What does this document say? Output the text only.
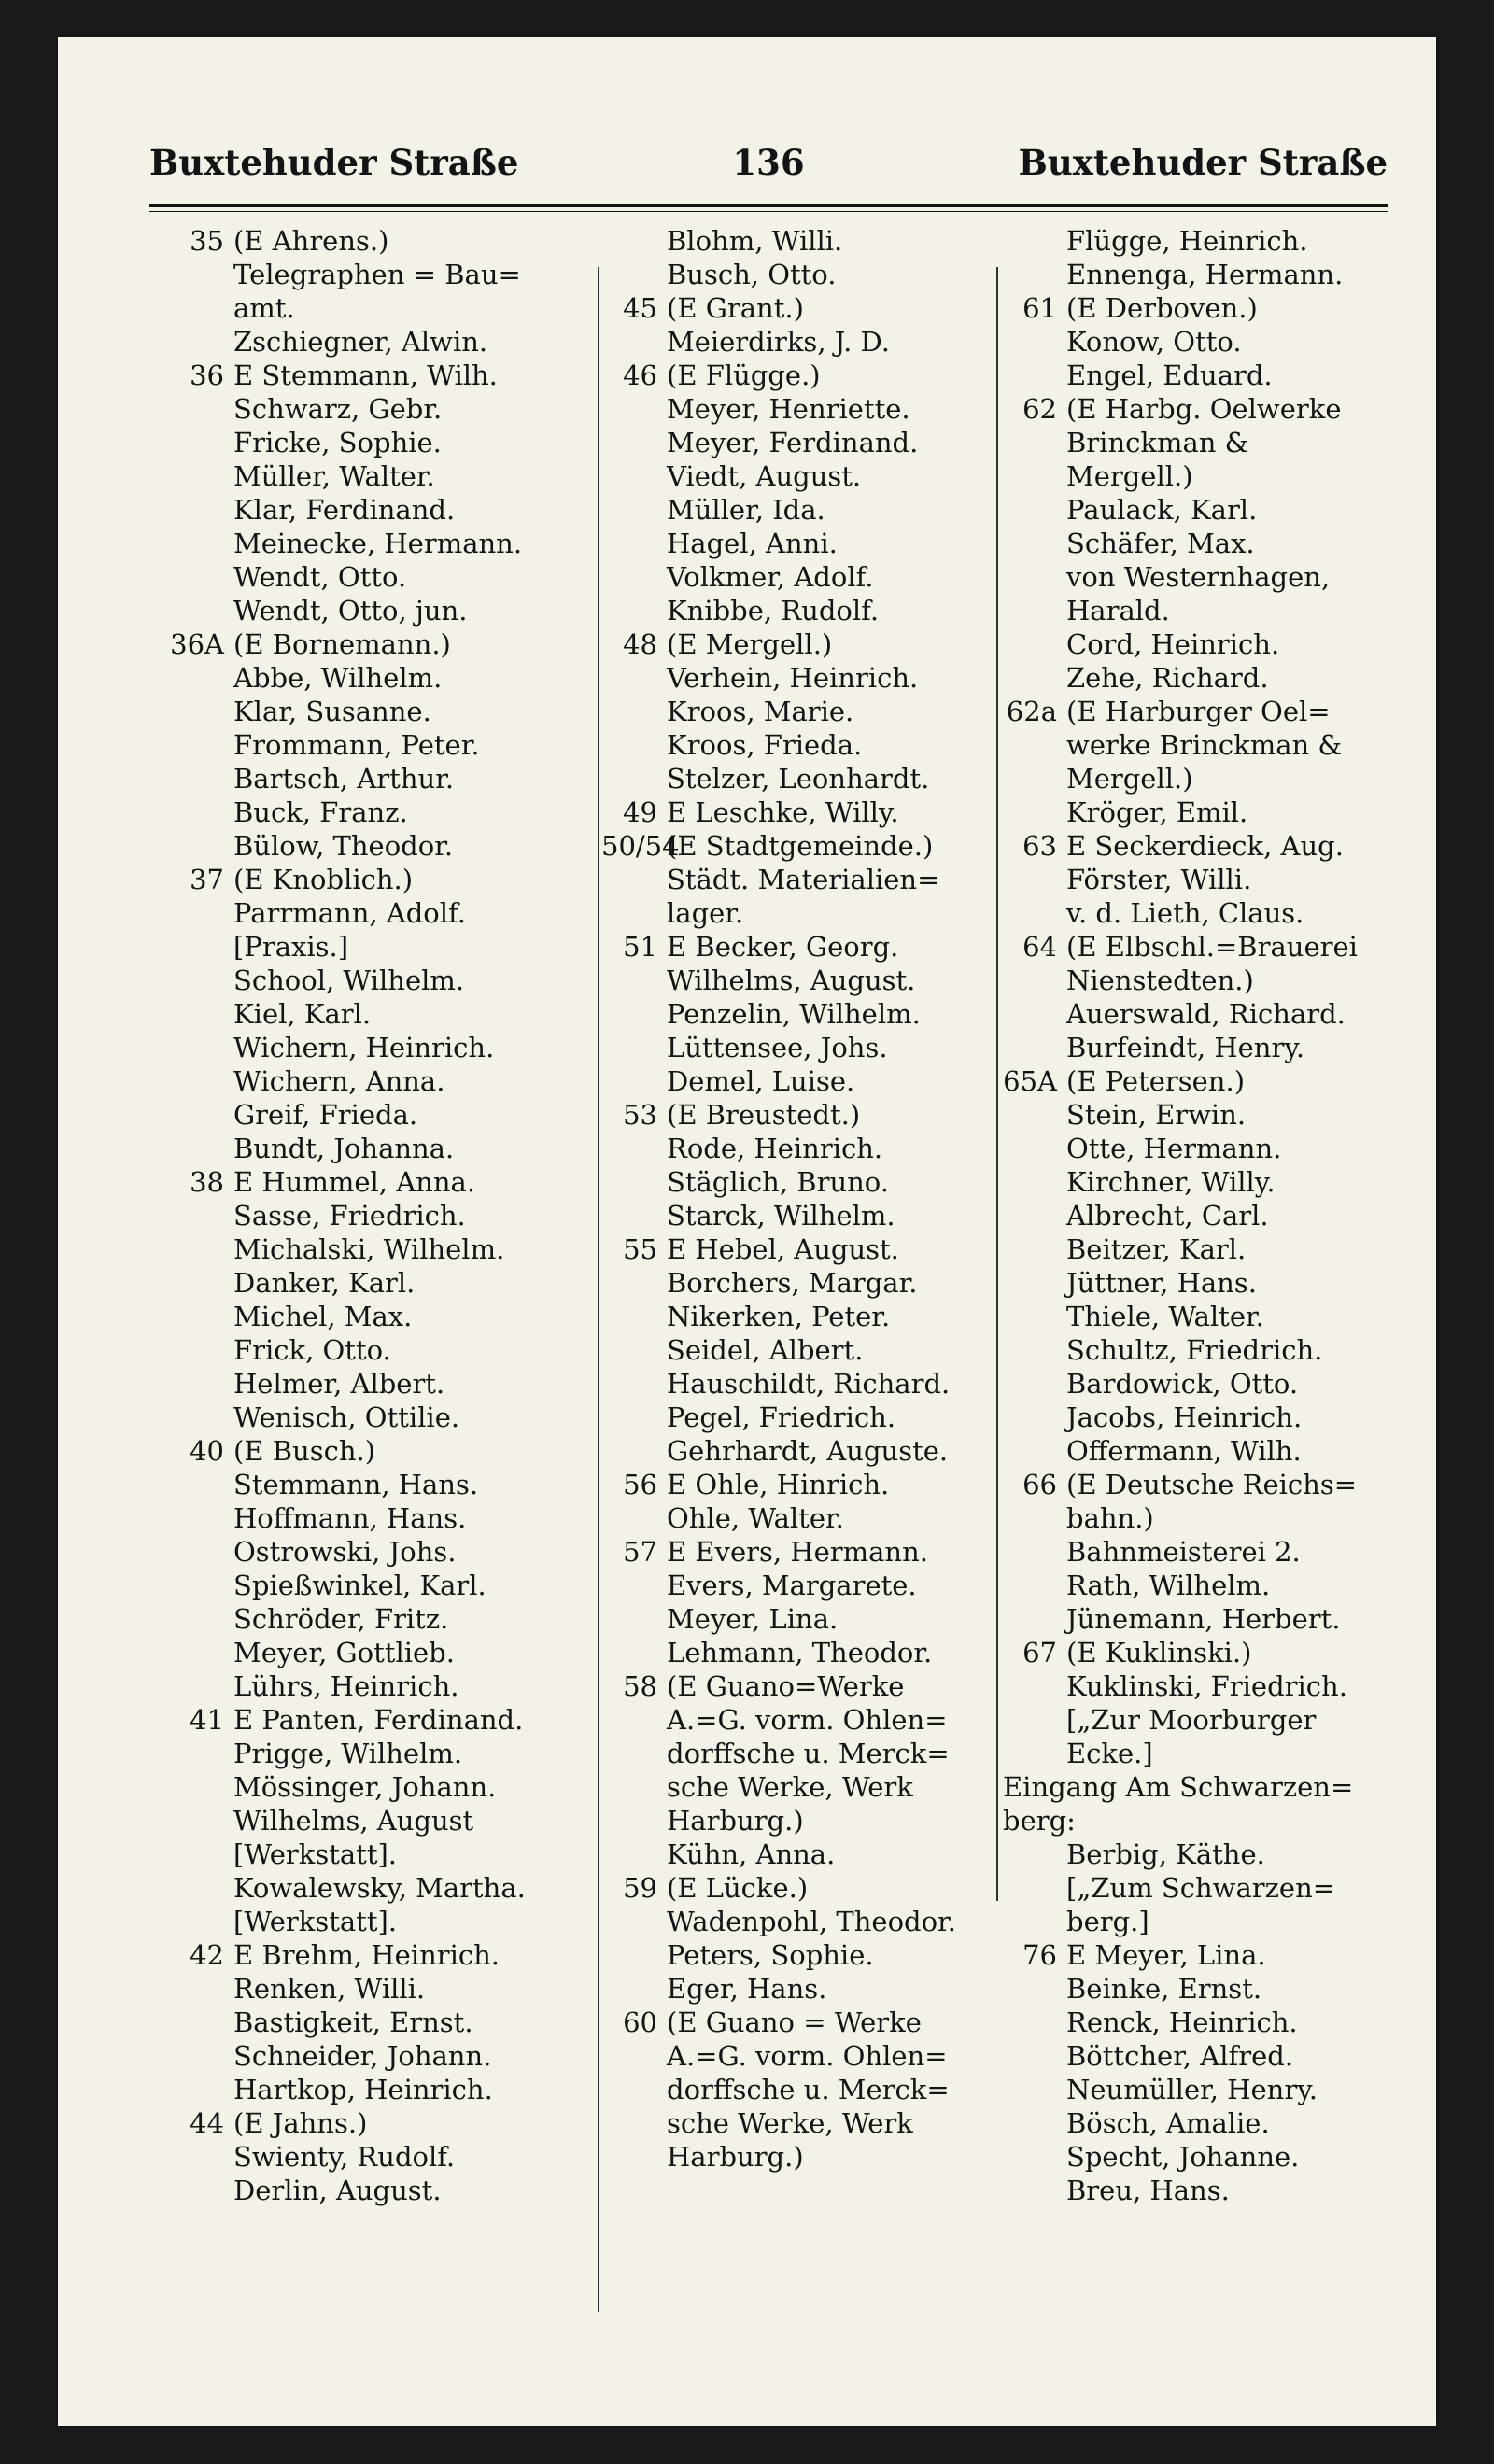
Buxtehuder Straße	136	Buxtehuder Straße
35 (E Ahrens.)
Telegraphen = Bau=
amt.
Zschiegner, Alwin.
36 E Stemmann, Wilh.
Schwarz, Gebr.
Fricke, Sophie.
Müller, Walter.
Klar, Ferdinand.
Meinecke, Hermann.
Wendt, Otto.
Wendt, Otto, jun.
36A (E Bornemann.)
Abbe, Wilhelm.
Klar, Susanne.
Frommann, Peter.
Bartsch, Arthur.
Buck, Franz.
Bülow, Theodor.
37 (E Knoblich.)
Parrmann, Adolf.
[Praxis.]
School, Wilhelm.
Kiel, Karl.
Wichern, Heinrich.
Wichern, Anna.
Greif, Frieda.
Bundt, Johanna.
38 E Hummel, Anna.
Sasse, Friedrich.
Michalski, Wilhelm.
Danker, Karl.
Michel, Max.
Frick, Otto.
Helmer, Albert.
Wenisch, Ottilie.
40 (E Busch.)
Stemmann, Hans.
Hoffmann, Hans.
Ostrowski, Johs.
Spießwinkel, Karl.
Schröder, Fritz.
Meyer, Gottlieb.
Lührs, Heinrich.
41 E Panten, Ferdinand.
Prigge, Wilhelm.
Mössinger, Johann.
Wilhelms, August
[Werkstatt].
Kowalewsky, Martha.
[Werkstatt].
42 E Brehm, Heinrich.
Renken, Willi.
Bastigkeit, Ernst.
Schneider, Johann.
Hartkop, Heinrich.
44 (E Jahns.)
Swienty, Rudolf.
Derlin, August.
Blohm, Willi.
Busch, Otto.
45 (E Grant.)
Meierdirks, J. D.
46 (E Flügge.)
Meyer, Henriette.
Meyer, Ferdinand.
Viedt, August.
Müller, Ida.
Hagel, Anni.
Volkmer, Adolf.
Knibbe, Rudolf.
48 (E Mergell.)
Verhein, Heinrich.
Kroos, Marie.
Kroos, Frieda.
Stelzer, Leonhardt.
49 E Leschke, Willy.
50/54
(E Stadtgemeinde.)
Städt. Materialien=
lager.
51 E Becker, Georg.
Wilhelms, August.
Penzelin, Wilhelm.
Lüttensee, Johs.
Demel, Luise.
53 (E Breustedt.)
Rode, Heinrich.
Stäglich, Bruno.
Starck, Wilhelm.
55 E Hebel, August.
Borchers, Margar.
Nikerken, Peter.
Seidel, Albert.
Hauschildt, Richard.
Pegel, Friedrich.
Gehrhardt, Auguste.
56 E Ohle, Hinrich.
Ohle, Walter.
57 E Evers, Hermann.
Evers, Margarete.
Meyer, Lina.
Lehmann, Theodor.
58 (E Guano=Werke
A.=G. vorm. Ohlen=
dorffsche u. Merck=
sche Werke, Werk
Harburg.)
Kühn, Anna.
59 (E Lücke.)
Wadenpohl, Theodor.
Peters, Sophie.
Eger, Hans.
60 (E Guano = Werke
A.=G. vorm. Ohlen=
dorffsche u. Merck=
sche Werke, Werk
Harburg.)
Flügge, Heinrich.
Ennenga, Hermann.
61 (E Derboven.)
Konow, Otto.
Engel, Eduard.
62 (E Harbg. Oelwerke
Brinckman &
Mergell.)
Paulack, Karl.
Schäfer, Max.
von Westernhagen,
Harald.
Cord, Heinrich.
Zehe, Richard.
62a (E Harburger Oel=
werke Brinckman &
Mergell.)
Kröger, Emil.
63 E Seckerdieck, Aug.
Förster, Willi.
v. d. Lieth, Claus.
64 (E Elbschl.=Brauerei
Nienstedten.)
Auerswald, Richard.
Burfeindt, Henry.
65A (E Petersen.)
Stein, Erwin.
Otte, Hermann.
Kirchner, Willy.
Albrecht, Carl.
Beitzer, Karl.
Jüttner, Hans.
Thiele, Walter.
Schultz, Friedrich.
Bardowick, Otto.
Jacobs, Heinrich.
Offermann, Wilh.
66 (E Deutsche Reichs=
bahn.)
Bahnmeisterei 2.
Rath, Wilhelm.
Jünemann, Herbert.
67 (E Kuklinski.)
Kuklinski, Friedrich.
[„Zur Moorburger
Ecke.]
Eingang Am Schwarzen=
berg:
Berbig, Käthe.
[„Zum Schwarzen=
berg.]
76 E Meyer, Lina.
Beinke, Ernst.
Renck, Heinrich.
Böttcher, Alfred.
Neumüller, Henry.
Bösch, Amalie.
Specht, Johanne.
Breu, Hans.
